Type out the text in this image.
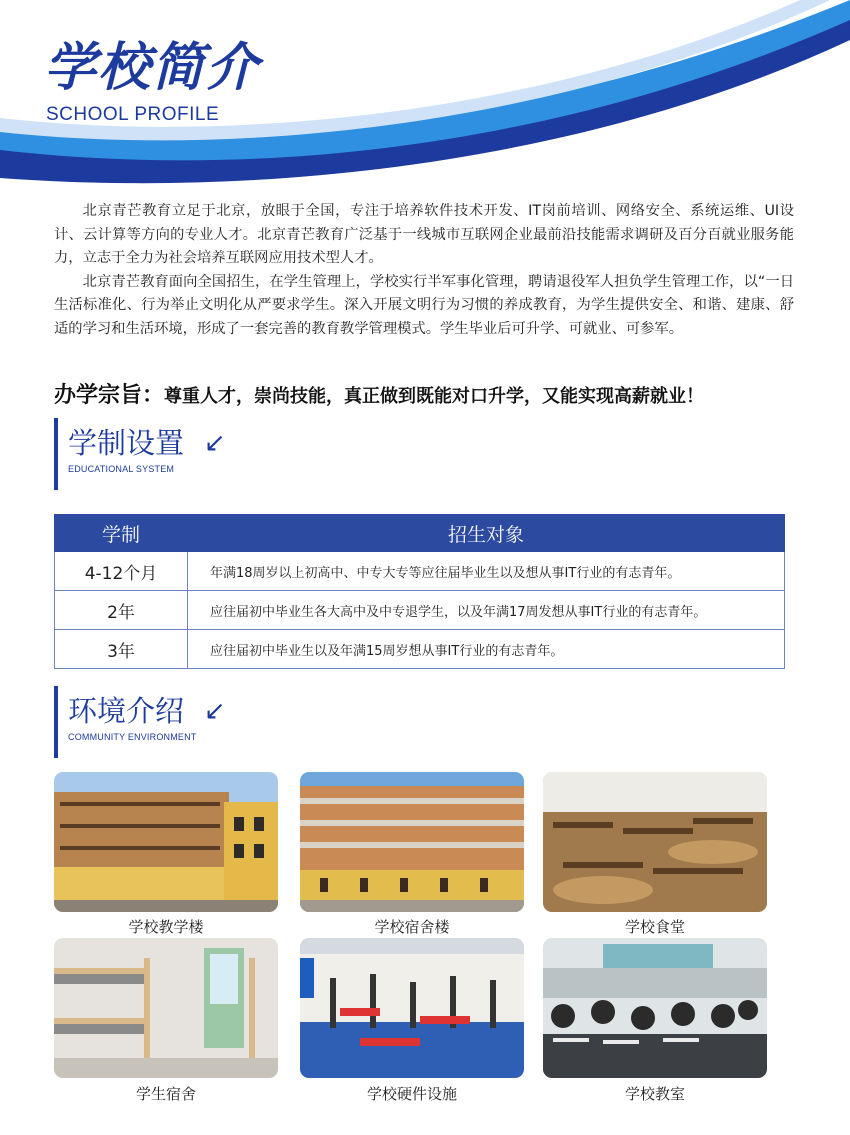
学校简介
SCHOOL PROFILE

北京青芒教育立足于北京，放眼于全国，专注于培养软件技术开发、IT岗前培训、网络安全、系统运维、UI设计、云计算等方向的专业人才。北京青芒教育广泛基于一线城市互联网企业最前沿技能需求调研及百分百就业服务能力，立志于全力为社会培养互联网应用技术型人才。

北京青芒教育面向全国招生，在学生管理上，学校实行半军事化管理，聘请退役军人担负学生管理工作，以“一日生活标准化、行为举止文明化从严要求学生。深入开展文明行为习惯的养成教育，为学生提供安全、和谐、建康、舒适的学习和生活环境，形成了一套完善的教育教学管理模式。学生毕业后可升学、可就业、可参军。

办学宗旨：尊重人才，崇尚技能，真正做到既能对口升学，又能实现高薪就业！
学制设置 ↙
EDUCATIONAL SYSTEM
学制	招生对象
4-12个月	年满18周岁以上初高中、中专大专等应往届毕业生以及想从事IT行业的有志青年。
2年	应往届初中毕业生各大高中及中专退学生，以及年满17周发想从事IT行业的有志青年。
3年	应往届初中毕业生以及年满15周岁想从事IT行业的有志青年。
环境介绍 ↙
COMMUNITY ENVIRONMENT
学校教学楼	学校宿舍楼	学校食堂
学生宿舍	学校硬件设施	学校教室
